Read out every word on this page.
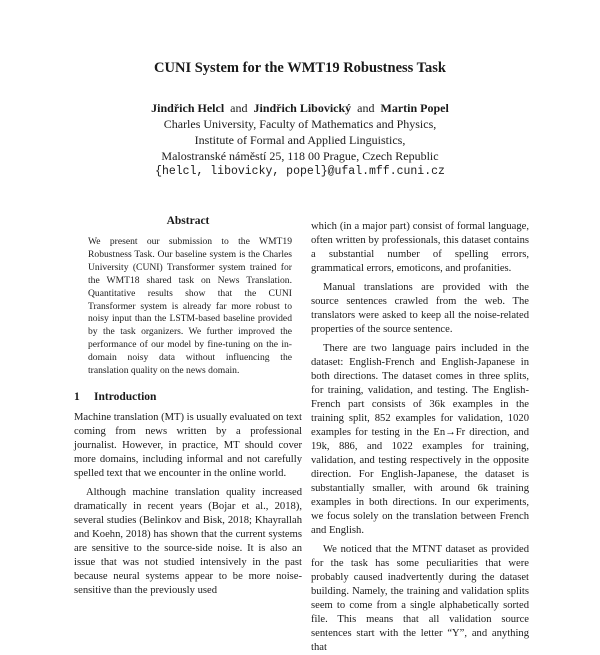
CUNI System for the WMT19 Robustness Task
Jindřich Helcl and Jindřich Libovický and Martin Popel
Charles University, Faculty of Mathematics and Physics,
Institute of Formal and Applied Linguistics,
Malostranské náměstí 25, 118 00 Prague, Czech Republic
{helcl, libovicky, popel}@ufal.mff.cuni.cz
Abstract

We present our submission to the WMT19 Robustness Task. Our baseline system is the Charles University (CUNI) Transformer system trained for the WMT18 shared task on News Translation. Quantitative results show that the CUNI Transformer system is already far more robust to noisy input than the LSTM-based baseline provided by the task organizers. We further improved the performance of our model by fine-tuning on the in-domain noisy data without influencing the translation quality on the news domain.

1 Introduction

Machine translation (MT) is usually evaluated on text coming from news written by a professional journalist. However, in practice, MT should cover more domains, including informal and not carefully spelled text that we encounter in the online world.

Although machine translation quality increased dramatically in recent years (Bojar et al., 2018), several studies (Belinkov and Bisk, 2018; Khayrallah and Koehn, 2018) has shown that the current systems are sensitive to the source-side noise. It is also an issue that was not studied intensively in the past because neural systems appear to be more noise-sensitive than the previously used

which (in a major part) consist of formal language, often written by professionals, this dataset contains a substantial number of spelling errors, grammatical errors, emoticons, and profanities.

Manual translations are provided with the source sentences crawled from the web. The translators were asked to keep all the noise-related properties of the source sentence.

There are two language pairs included in the dataset: English-French and English-Japanese in both directions. The dataset comes in three splits, for training, validation, and testing. The English-French part consists of 36k examples in the training split, 852 examples for validation, 1020 examples for testing in the En→Fr direction, and 19k, 886, and 1022 examples for training, validation, and testing respectively in the opposite direction. For English-Japanese, the dataset is substantially smaller, with around 6k training examples in both directions. In our experiments, we focus solely on the translation between French and English.

We noticed that the MTNT dataset as provided for the task has some peculiarities that were probably caused inadvertently during the dataset building. Namely, the training and validation splits seem to come from a single alphabetically sorted file. This means that all validation source sentences start with the letter “Y”, and anything that
